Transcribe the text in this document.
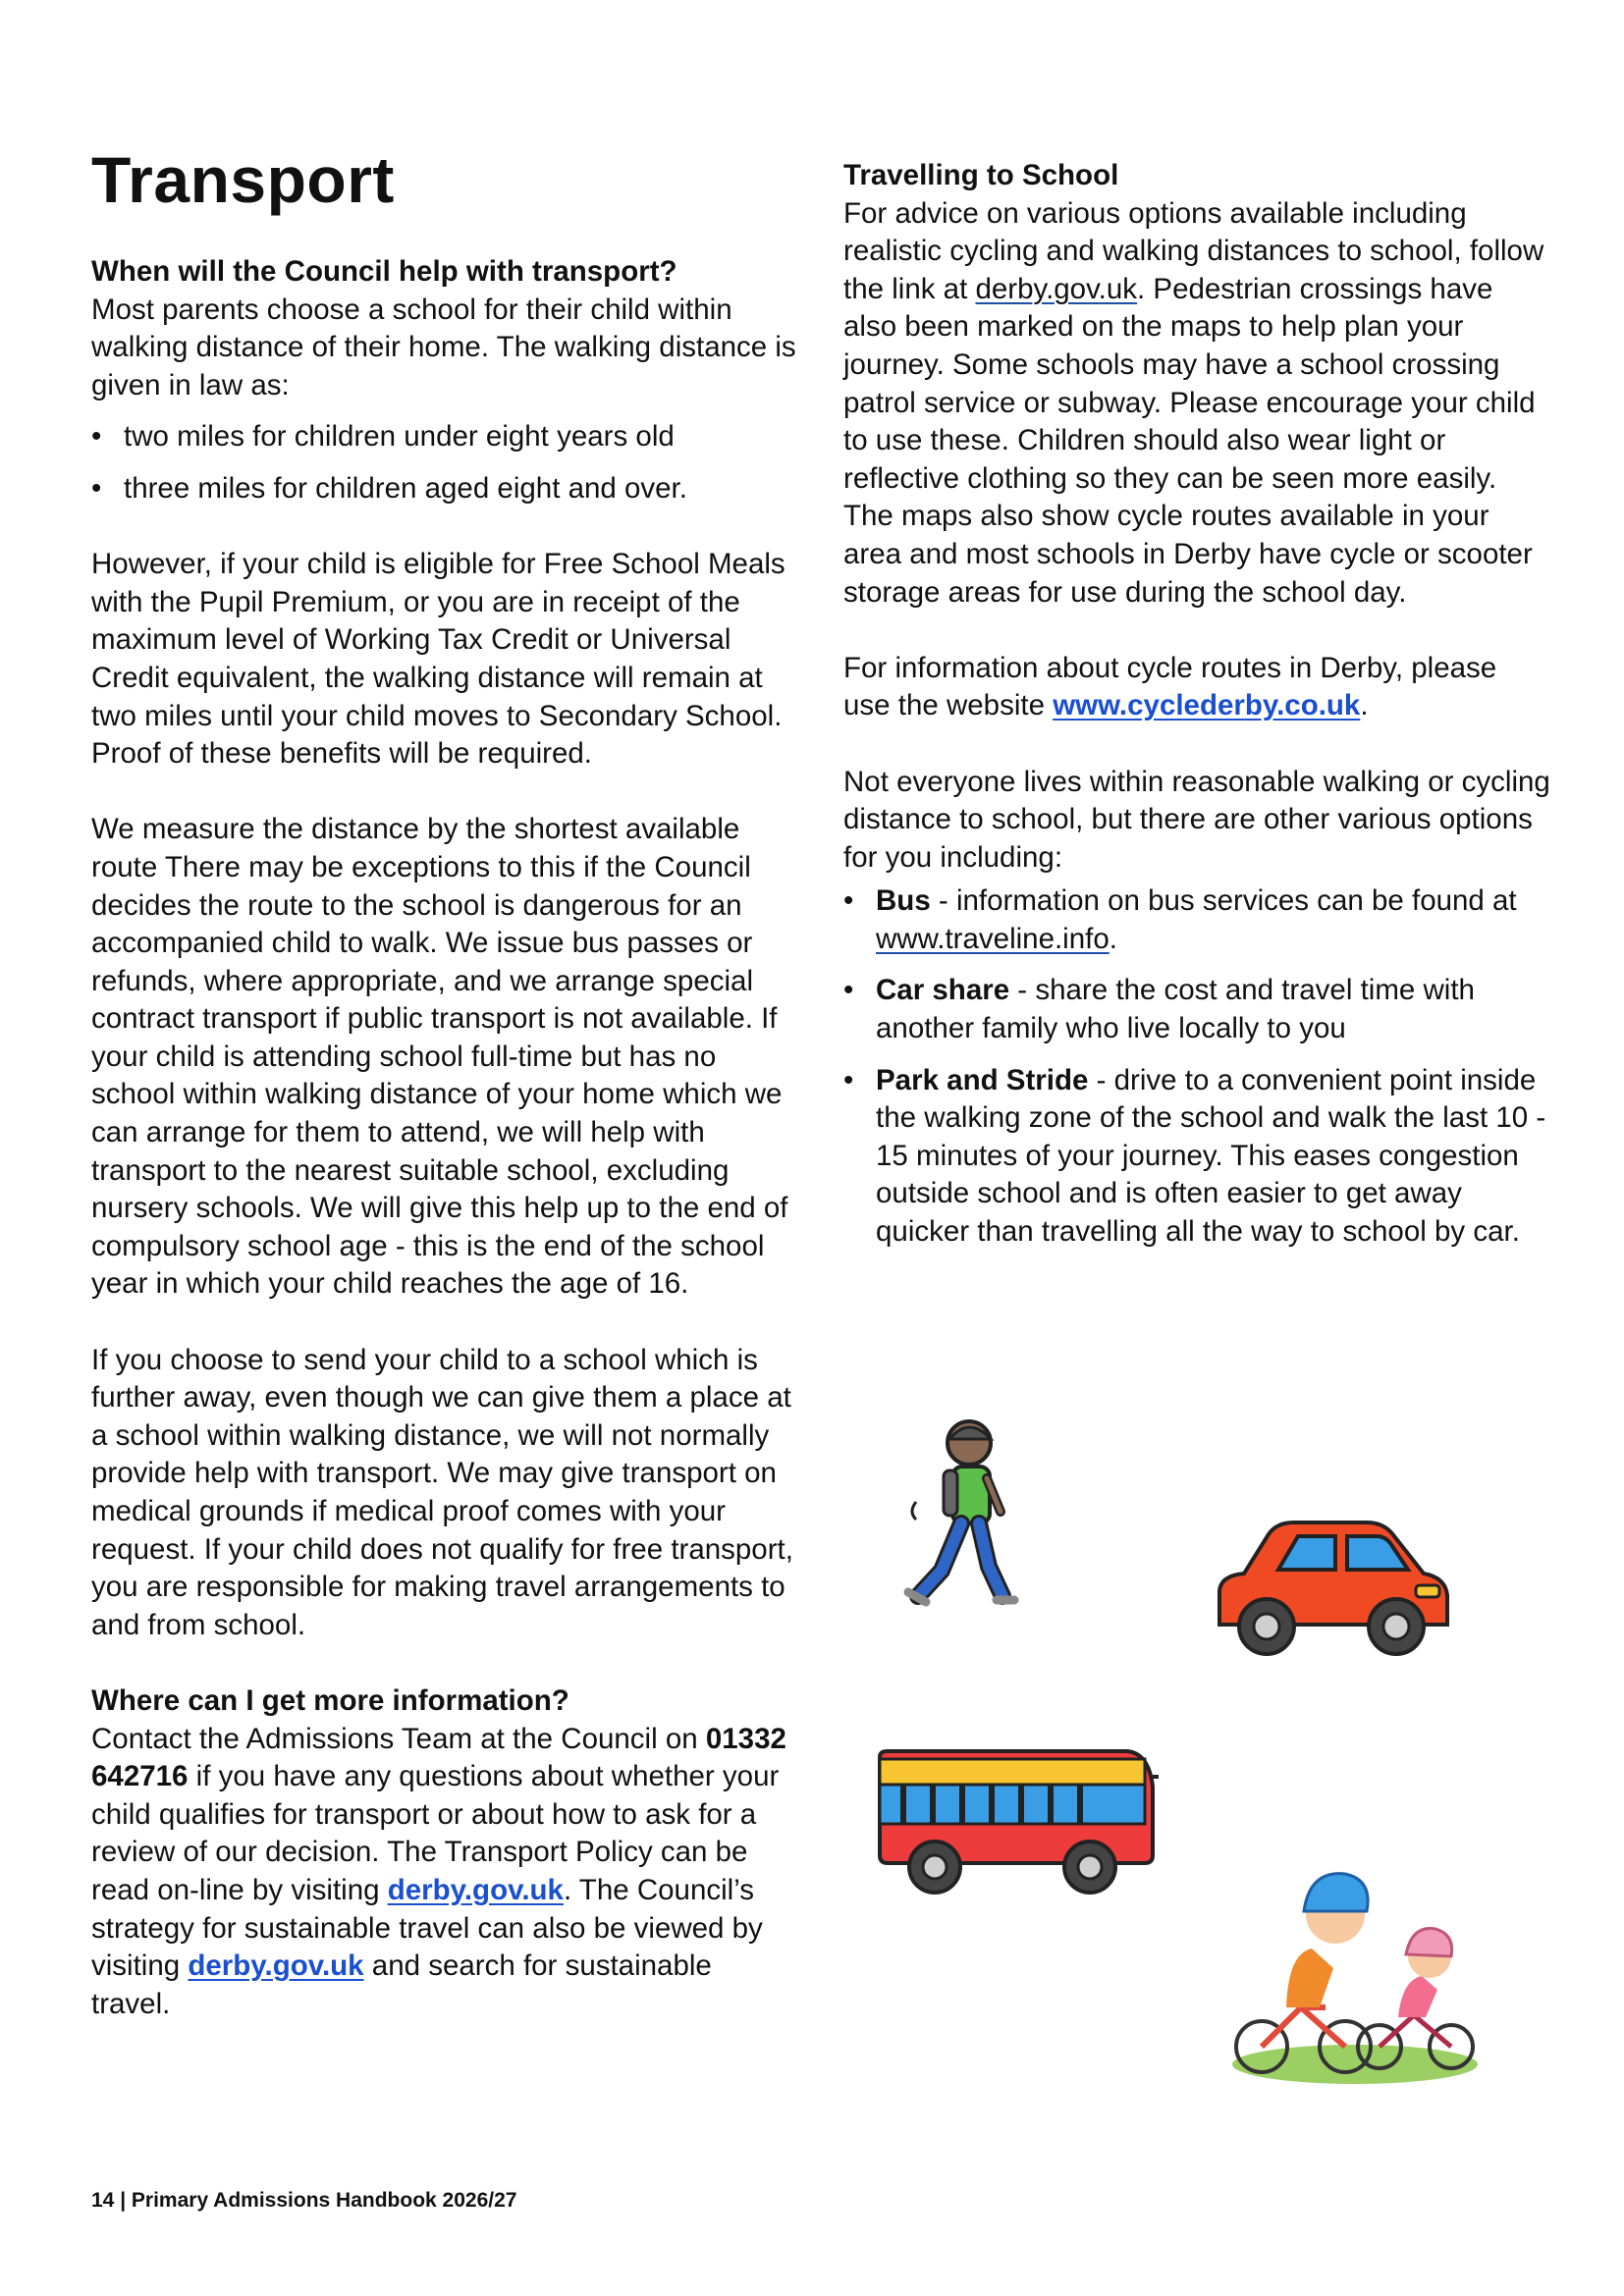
Transport
When will the Council help with transport?

Most parents choose a school for their child within walking distance of their home. The walking distance is given in law as:

• two miles for children under eight years old
• three miles for children aged eight and over.

However, if your child is eligible for Free School Meals with the Pupil Premium, or you are in receipt of the maximum level of Working Tax Credit or Universal Credit equivalent, the walking distance will remain at two miles until your child moves to Secondary School. Proof of these benefits will be required.

We measure the distance by the shortest available route There may be exceptions to this if the Council decides the route to the school is dangerous for an accompanied child to walk. We issue bus passes or refunds, where appropriate, and we arrange special contract transport if public transport is not available. If your child is attending school full-time but has no school within walking distance of your home which we can arrange for them to attend, we will help with transport to the nearest suitable school, excluding nursery schools. We will give this help up to the end of compulsory school age - this is the end of the school year in which your child reaches the age of 16.

If you choose to send your child to a school which is further away, even though we can give them a place at a school within walking distance, we will not normally provide help with transport. We may give transport on medical grounds if medical proof comes with your request. If your child does not qualify for free transport, you are responsible for making travel arrangements to and from school.

Where can I get more information?

Contact the Admissions Team at the Council on 01332 642716 if you have any questions about whether your child qualifies for transport or about how to ask for a review of our decision. The Transport Policy can be read on-line by visiting derby.gov.uk. The Council’s strategy for sustainable travel can also be viewed by visiting derby.gov.uk and search for sustainable travel.

Travelling to School

For advice on various options available including realistic cycling and walking distances to school, follow the link at derby.gov.uk. Pedestrian crossings have also been marked on the maps to help plan your journey. Some schools may have a school crossing patrol service or subway. Please encourage your child to use these. Children should also wear light or reflective clothing so they can be seen more easily. The maps also show cycle routes available in your area and most schools in Derby have cycle or scooter storage areas for use during the school day.

For information about cycle routes in Derby, please use the website www.cyclederby.co.uk.

Not everyone lives within reasonable walking or cycling distance to school, but there are other various options for you including:

• Bus - information on bus services can be found at www.traveline.info.
• Car share - share the cost and travel time with another family who live locally to you
• Park and Stride - drive to a convenient point inside the walking zone of the school and walk the last 10 - 15 minutes of your journey. This eases congestion outside school and is often easier to get away quicker than travelling all the way to school by car.
14 | Primary Admissions Handbook 2026/27
